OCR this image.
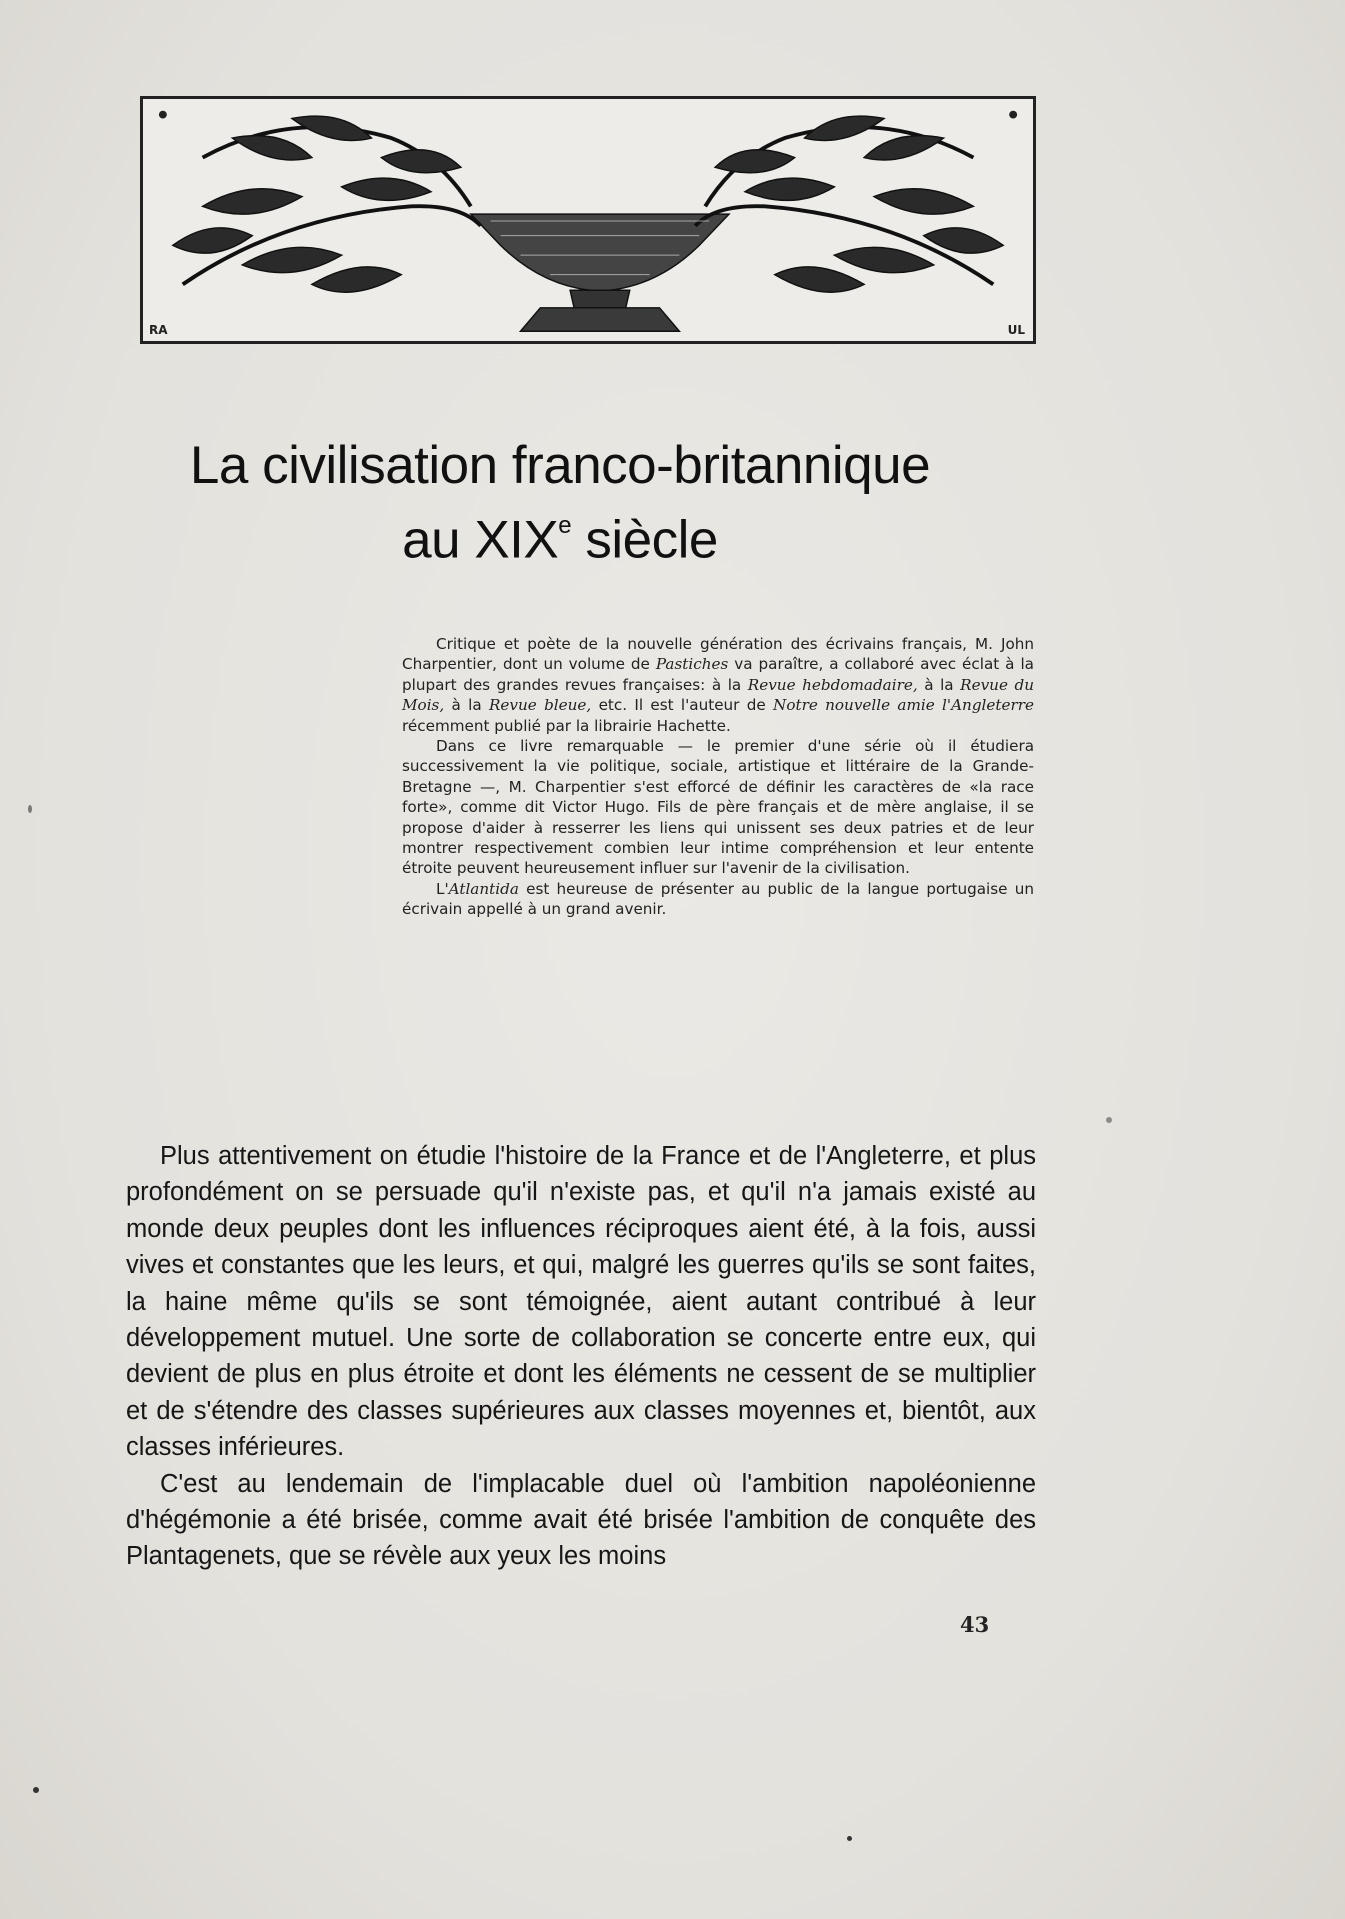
RA	UL
La civilisation franco-britannique
au XIXe siècle

Critique et poète de la nouvelle génération des écrivains français, M. John Charpentier, dont un volume de Pastiches va paraître, a collaboré avec éclat à la plupart des grandes revues françaises: à la Revue hebdomadaire, à la Revue du Mois, à la Revue bleue, etc. Il est l'auteur de Notre nouvelle amie l'Angleterre récemment publié par la librairie Hachette.

Dans ce livre remarquable — le premier d'une série où il étudiera successivement la vie politique, sociale, artistique et littéraire de la Grande-Bretagne —, M. Charpentier s'est efforcé de définir les caractères de «la race forte», comme dit Victor Hugo. Fils de père français et de mère anglaise, il se propose d'aider à resserrer les liens qui unissent ses deux patries et de leur montrer respectivement combien leur intime compréhension et leur entente étroite peuvent heureusement influer sur l'avenir de la civilisation.

L'Atlantida est heureuse de présenter au public de la langue portugaise un écrivain appellé à un grand avenir.

Plus attentivement on étudie l'histoire de la France et de l'Angleterre, et plus profondément on se persuade qu'il n'existe pas, et qu'il n'a jamais existé au monde deux peuples dont les influences réciproques aient été, à la fois, aussi vives et constantes que les leurs, et qui, malgré les guerres qu'ils se sont faites, la haine même qu'ils se sont témoignée, aient autant contribué à leur développement mutuel. Une sorte de collaboration se concerte entre eux, qui devient de plus en plus étroite et dont les éléments ne cessent de se multiplier et de s'étendre des classes supérieures aux classes moyennes et, bientôt, aux classes inférieures.

C'est au lendemain de l'implacable duel où l'ambition napoléonienne d'hégémonie a été brisée, comme avait été brisée l'ambition de conquête des Plantagenets, que se révèle aux yeux les moins

43
